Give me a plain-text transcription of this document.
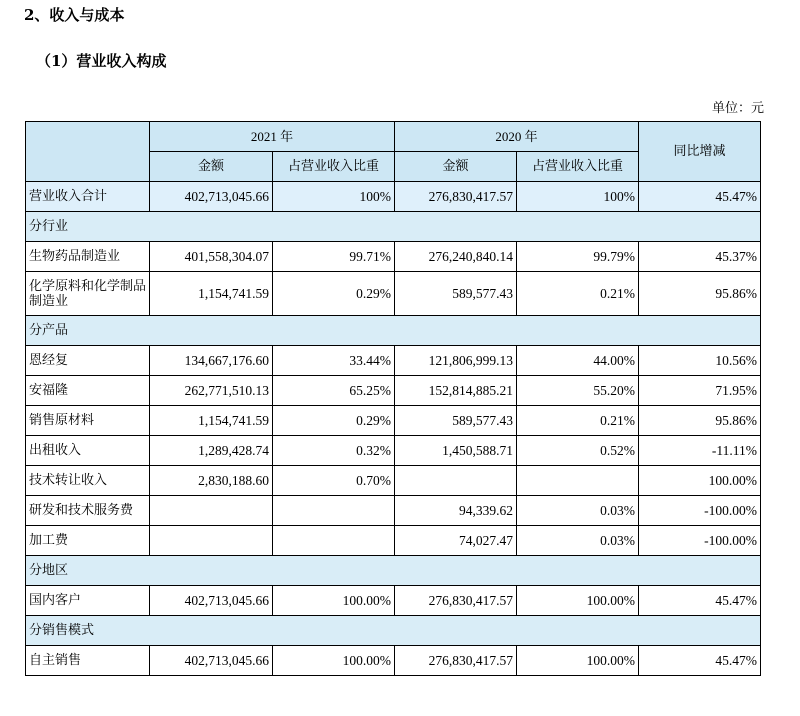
2、收入与成本
（1）营业收入构成
单位：元
	2021 年		2020 年		同比增减
	金额	占营业收入比重	金额	占营业收入比重	
营业收入合计	402,713,045.66	100%	276,830,417.57	100%	45.47%
分行业					
生物药品制造业	401,558,304.07	99.71%	276,240,840.14	99.79%	45.37%
化学原料和化学制品制造业	1,154,741.59	0.29%	589,577.43	0.21%	95.86%
分产品					
恩经复	134,667,176.60	33.44%	121,806,999.13	44.00%	10.56%
安福隆	262,771,510.13	65.25%	152,814,885.21	55.20%	71.95%
销售原材料	1,154,741.59	0.29%	589,577.43	0.21%	95.86%
出租收入	1,289,428.74	0.32%	1,450,588.71	0.52%	-11.11%
技术转让收入	2,830,188.60	0.70%			100.00%
研发和技术服务费			94,339.62	0.03%	-100.00%
加工费			74,027.47	0.03%	-100.00%
分地区					
国内客户	402,713,045.66	100.00%	276,830,417.57	100.00%	45.47%
分销售模式					
自主销售	402,713,045.66	100.00%	276,830,417.57	100.00%	45.47%
